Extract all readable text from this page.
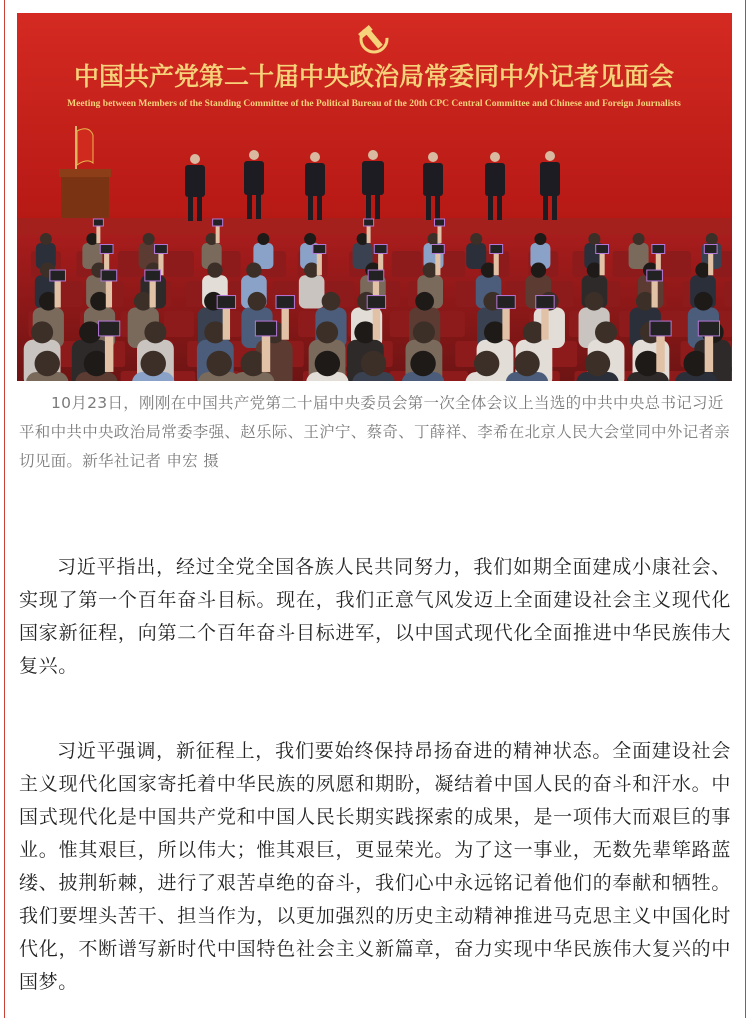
中国共产党第二十届中央政治局常委同中外记者见面会
Meeting between Members of the Standing Committee of the Political Bureau of the 20th CPC Central Committee and Chinese and Foreign Journalists
10月23日，刚刚在中国共产党第二十届中央委员会第一次全体会议上当选的中共中央总书记习近平和中共中央政治局常委李强、赵乐际、王沪宁、蔡奇、丁薛祥、李希在北京人民大会堂同中外记者亲切见面。新华社记者 申宏 摄

习近平指出，经过全党全国各族人民共同努力，我们如期全面建成小康社会、实现了第一个百年奋斗目标。现在，我们正意气风发迈上全面建设社会主义现代化国家新征程，向第二个百年奋斗目标进军，以中国式现代化全面推进中华民族伟大复兴。

习近平强调，新征程上，我们要始终保持昂扬奋进的精神状态。全面建设社会主义现代化国家寄托着中华民族的夙愿和期盼，凝结着中国人民的奋斗和汗水。中国式现代化是中国共产党和中国人民长期实践探索的成果，是一项伟大而艰巨的事业。惟其艰巨，所以伟大；惟其艰巨，更显荣光。为了这一事业，无数先辈筚路蓝缕、披荆斩棘，进行了艰苦卓绝的奋斗，我们心中永远铭记着他们的奉献和牺牲。我们要埋头苦干、担当作为，以更加强烈的历史主动精神推进马克思主义中国化时代化，不断谱写新时代中国特色社会主义新篇章，奋力实现中华民族伟大复兴的中国梦。
